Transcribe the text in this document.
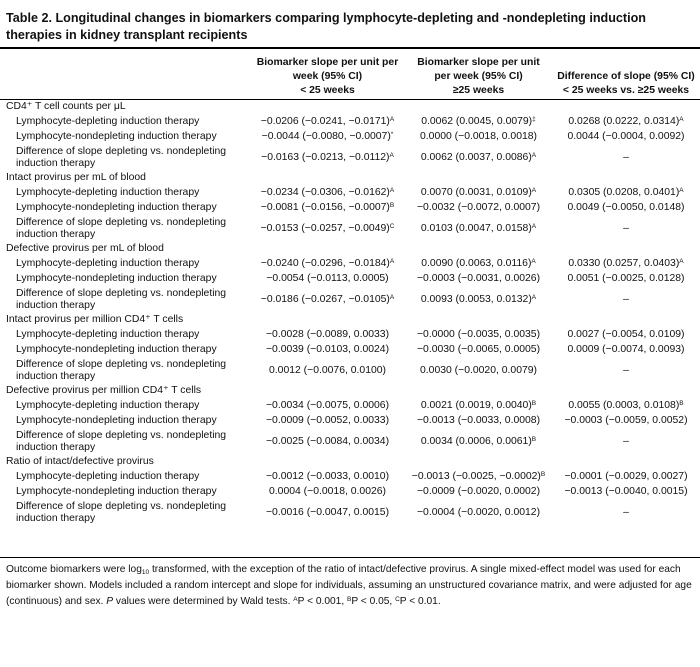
Table 2. Longitudinal changes in biomarkers comparing lymphocyte-depleting and -nondepleting induction therapies in kidney transplant recipients
	Biomarker slope per unit per week (95% CI)	Biomarker slope per unit per week (95% CI)	Difference of slope (95% CI)
	< 25 weeks	≥25 weeks	< 25 weeks vs. ≥25 weeks
CD4⁺ T cell counts per μL			
Lymphocyte-depleting induction therapy	−0.0206 (−0.0241, −0.0171)$^A$	0.0062 (0.0045, 0.0079)‡	0.0268 (0.0222, 0.0314)$^A$
Lymphocyte-nondepleting induction therapy	−0.0044 (−0.0080, −0.0007)*	0.0000 (−0.0018, 0.0018)	0.0044 (−0.0004, 0.0092)
Difference of slope depleting vs. nondepleting induction therapy	−0.0163 (−0.0213, −0.0112)$^A$	0.0062 (0.0037, 0.0086)$^A$	–
Intact provirus per mL of blood			
Lymphocyte-depleting induction therapy	−0.0234 (−0.0306, −0.0162)$^A$	0.0070 (0.0031, 0.0109)$^A$	0.0305 (0.0208, 0.0401)$^A$
Lymphocyte-nondepleting induction therapy	−0.0081 (−0.0156, −0.0007)$^B$	−0.0032 (−0.0072, 0.0007)	0.0049 (−0.0050, 0.0148)
Difference of slope depleting vs. nondepleting induction therapy	−0.0153 (−0.0257, −0.0049)$^C$	0.0103 (0.0047, 0.0158)$^A$	–
Defective provirus per mL of blood			
Lymphocyte-depleting induction therapy	−0.0240 (−0.0296, −0.0184)$^A$	0.0090 (0.0063, 0.0116)$^A$	0.0330 (0.0257, 0.0403)$^A$
Lymphocyte-nondepleting induction therapy	−0.0054 (−0.0113, 0.0005)	−0.0003 (−0.0031, 0.0026)	0.0051 (−0.0025, 0.0128)
Difference of slope depleting vs. nondepleting induction therapy	−0.0186 (−0.0267, −0.0105)$^A$	0.0093 (0.0053, 0.0132)$^A$	–
Intact provirus per million CD4⁺ T cells			
Lymphocyte-depleting induction therapy	−0.0028 (−0.0089, 0.0033)	−0.0000 (−0.0035, 0.0035)	0.0027 (−0.0054, 0.0109)
Lymphocyte-nondepleting induction therapy	−0.0039 (−0.0103, 0.0024)	−0.0030 (−0.0065, 0.0005)	0.0009 (−0.0074, 0.0093)
Difference of slope depleting vs. nondepleting induction therapy	0.0012 (−0.0076, 0.0100)	0.0030 (−0.0020, 0.0079)	–
Defective provirus per million CD4⁺ T cells			
Lymphocyte-depleting induction therapy	−0.0034 (−0.0075, 0.0006)	0.0021 (0.0019, 0.0040)$^B$	0.0055 (0.0003, 0.0108)$^B$
Lymphocyte-nondepleting induction therapy	−0.0009 (−0.0052, 0.0033)	−0.0013 (−0.0033, 0.0008)	−0.0003 (−0.0059, 0.0052)
Difference of slope depleting vs. nondepleting induction therapy	−0.0025 (−0.0084, 0.0034)	0.0034 (0.0006, 0.0061)$^B$	–
Ratio of intact/defective provirus			
Lymphocyte-depleting induction therapy	−0.0012 (−0.0033, 0.0010)	−0.0013 (−0.0025, −0.0002)$^B$	−0.0001 (−0.0029, 0.0027)
Lymphocyte-nondepleting induction therapy	0.0004 (−0.0018, 0.0026)	−0.0009 (−0.0020, 0.0002)	−0.0013 (−0.0040, 0.0015)
Difference of slope depleting vs. nondepleting induction therapy	−0.0016 (−0.0047, 0.0015)	−0.0004 (−0.0020, 0.0012)	–
Outcome biomarkers were $\log_{10}$ transformed, with the exception of the ratio of intact/defective provirus. A single mixed-effect model was used for each biomarker shown. Models included a random intercept and slope for individuals, assuming an unstructured covariance matrix, and were adjusted for age (continuous) and sex. P values were determined by Wald tests. $^A$P < 0.001, $^B$P < 0.05, $^C$P < 0.01.
